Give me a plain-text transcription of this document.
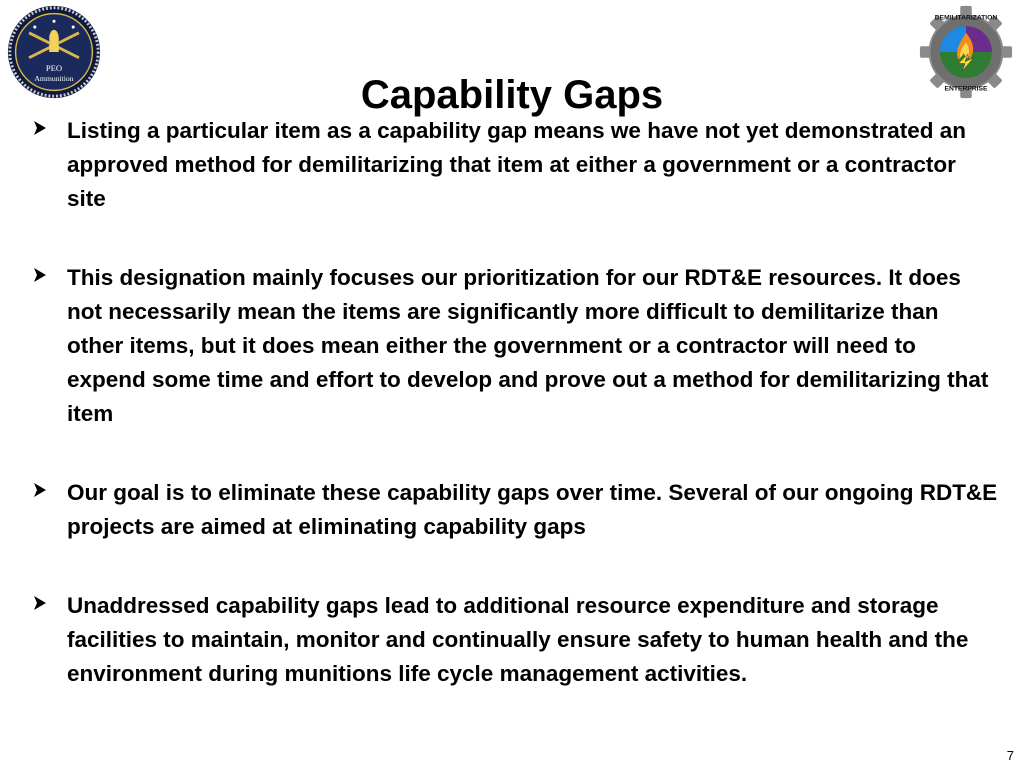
PEO
Ammunition	Capability Gaps
DEMILITARIZATION
ENTERPRISE
Listing a particular item as a capability gap means we have not yet demonstrated an approved method for demilitarizing that item at either a government or a contractor site
This designation mainly focuses our prioritization for our RDT&E resources. It does not necessarily mean the items are significantly more difficult to demilitarize than other items, but it does mean either the government or a contractor will need to expend some time and effort to develop and prove out a method for demilitarizing that item
Our goal is to eliminate these capability gaps over time. Several of our ongoing RDT&E projects are aimed at eliminating capability gaps
Unaddressed capability gaps lead to additional resource expenditure and storage facilities to maintain, monitor and continually ensure safety to human health and the environment during munitions life cycle management activities.
7
